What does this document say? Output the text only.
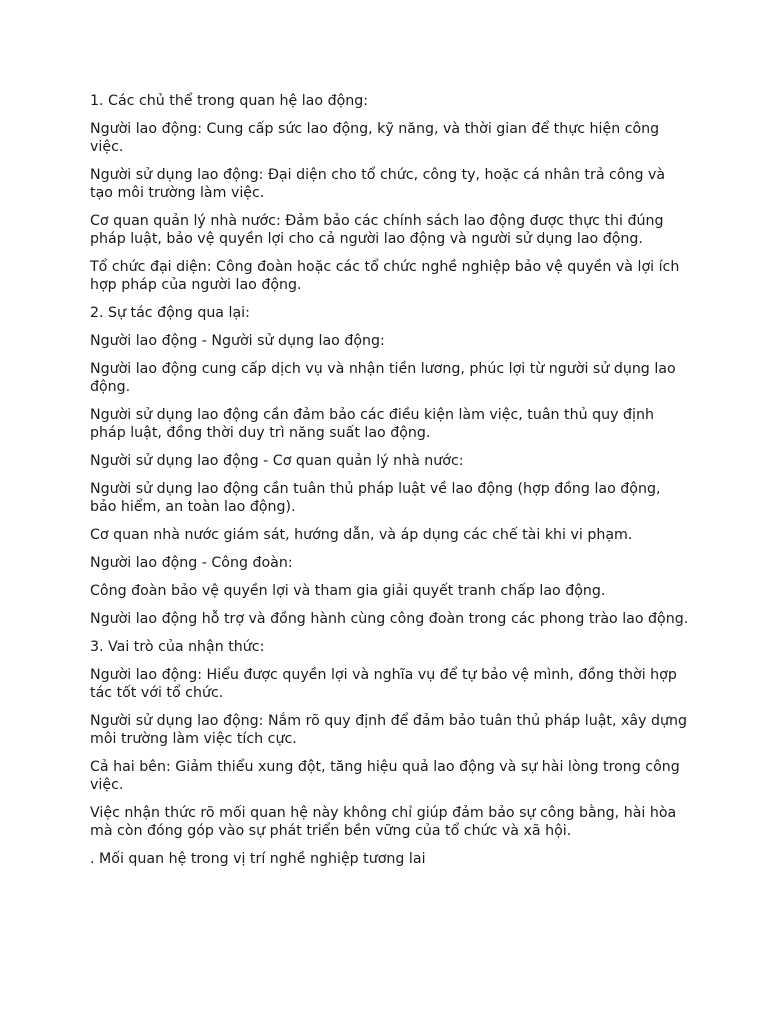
1. Các chủ thể trong quan hệ lao động:

Người lao động: Cung cấp sức lao động, kỹ năng, và thời gian để thực hiện công việc.

Người sử dụng lao động: Đại diện cho tổ chức, công ty, hoặc cá nhân trả công và tạo môi trường làm việc.

Cơ quan quản lý nhà nước: Đảm bảo các chính sách lao động được thực thi đúng pháp luật, bảo vệ quyền lợi cho cả người lao động và người sử dụng lao động.

Tổ chức đại diện: Công đoàn hoặc các tổ chức nghề nghiệp bảo vệ quyền và lợi ích hợp pháp của người lao động.

2. Sự tác động qua lại:

Người lao động - Người sử dụng lao động:

Người lao động cung cấp dịch vụ và nhận tiền lương, phúc lợi từ người sử dụng lao động.

Người sử dụng lao động cần đảm bảo các điều kiện làm việc, tuân thủ quy định pháp luật, đồng thời duy trì năng suất lao động.

Người sử dụng lao động - Cơ quan quản lý nhà nước:

Người sử dụng lao động cần tuân thủ pháp luật về lao động (hợp đồng lao động, bảo hiểm, an toàn lao động).

Cơ quan nhà nước giám sát, hướng dẫn, và áp dụng các chế tài khi vi phạm.

Người lao động - Công đoàn:

Công đoàn bảo vệ quyền lợi và tham gia giải quyết tranh chấp lao động.

Người lao động hỗ trợ và đồng hành cùng công đoàn trong các phong trào lao động.

3. Vai trò của nhận thức:

Người lao động: Hiểu được quyền lợi và nghĩa vụ để tự bảo vệ mình, đồng thời hợp tác tốt với tổ chức.

Người sử dụng lao động: Nắm rõ quy định để đảm bảo tuân thủ pháp luật, xây dựng môi trường làm việc tích cực.

Cả hai bên: Giảm thiểu xung đột, tăng hiệu quả lao động và sự hài lòng trong công việc.

Việc nhận thức rõ mối quan hệ này không chỉ giúp đảm bảo sự công bằng, hài hòa mà còn đóng góp vào sự phát triển bền vững của tổ chức và xã hội.

. Mối quan hệ trong vị trí nghề nghiệp tương lai
